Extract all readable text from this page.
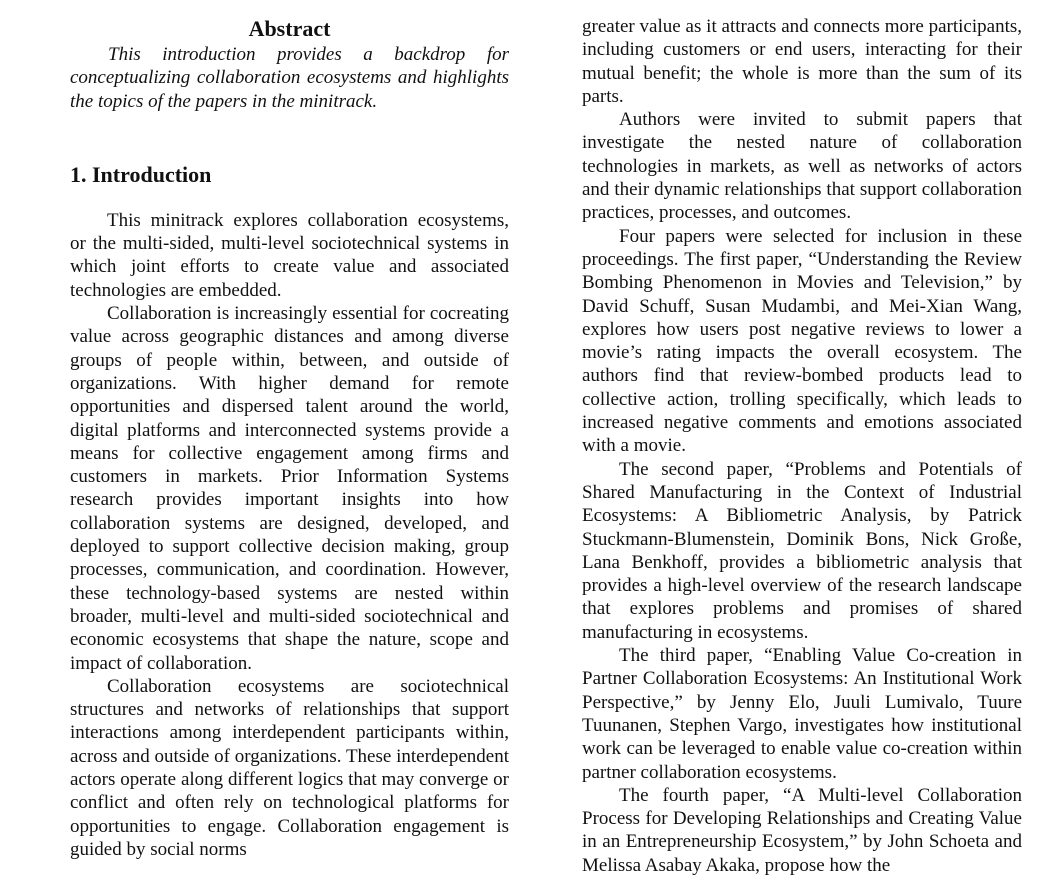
Abstract

This introduction provides a backdrop for conceptualizing collaboration ecosystems and highlights the topics of the papers in the minitrack.

1. Introduction

This minitrack explores collaboration ecosystems, or the multi-sided, multi-level sociotechnical systems in which joint efforts to create value and associated technologies are embedded.

Collaboration is increasingly essential for cocreating value across geographic distances and among diverse groups of people within, between, and outside of organizations. With higher demand for remote opportunities and dispersed talent around the world, digital platforms and interconnected systems provide a means for collective engagement among firms and customers in markets. Prior Information Systems research provides important insights into how collaboration systems are designed, developed, and deployed to support collective decision making, group processes, communication, and coordination. However, these technology-based systems are nested within broader, multi-level and multi-sided sociotechnical and economic ecosystems that shape the nature, scope and impact of collaboration.

Collaboration ecosystems are sociotechnical structures and networks of relationships that support interactions among interdependent participants within, across and outside of organizations. These interdependent actors operate along different logics that may converge or conflict and often rely on technological platforms for opportunities to engage. Collaboration engagement is guided by social norms

greater value as it attracts and connects more participants, including customers or end users, interacting for their mutual benefit; the whole is more than the sum of its parts.

Authors were invited to submit papers that investigate the nested nature of collaboration technologies in markets, as well as networks of actors and their dynamic relationships that support collaboration practices, processes, and outcomes.

Four papers were selected for inclusion in these proceedings. The first paper, “Understanding the Review Bombing Phenomenon in Movies and Television,” by David Schuff, Susan Mudambi, and Mei-Xian Wang, explores how users post negative reviews to lower a movie’s rating impacts the overall ecosystem. The authors find that review-bombed products lead to collective action, trolling specifically, which leads to increased negative comments and emotions associated with a movie.

The second paper, “Problems and Potentials of Shared Manufacturing in the Context of Industrial Ecosystems: A Bibliometric Analysis, by Patrick Stuckmann-Blumenstein, Dominik Bons, Nick Große, Lana Benkhoff, provides a bibliometric analysis that provides a high-level overview of the research landscape that explores problems and promises of shared manufacturing in ecosystems.

The third paper, “Enabling Value Co-creation in Partner Collaboration Ecosystems: An Institutional Work Perspective,” by Jenny Elo, Juuli Lumivalo, Tuure Tuunanen, Stephen Vargo, investigates how institutional work can be leveraged to enable value co-creation within partner collaboration ecosystems.

The fourth paper, “A Multi-level Collaboration Process for Developing Relationships and Creating Value in an Entrepreneurship Ecosystem,” by John Schoeta and Melissa Asabay Akaka, propose how the
